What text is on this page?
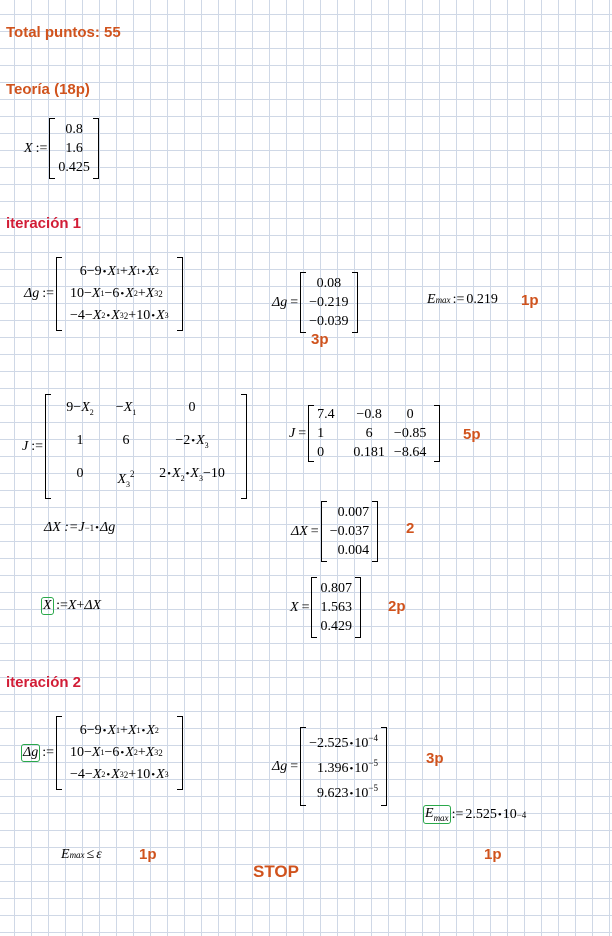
Total puntos: 55
Teoría (18p)
X :=
0.8
1.6
0.425
iteración 1
Δg :=
6−9 • X 1 + X 1 • X 2
10− X 1 −6 • X 2 + X 3 2
−4− X 2 • X 3 2 +10 • X 3
Δg =
0.08
−0.219
−0.039
3p
E max := 0.219 1p
J :=
$9-X_2$	$-X_1$	0
1	6	$-2•X_3$
0	$X_3^2$	$2•X_2•X_3-10$
J =
7.4	−0.8	0
1	6	−0.85
0	0.181 −8.64
5p
ΔX :=J −1 • Δg	ΔX =
0.007
−0.037
0.004
2
X := X + ΔX	X =
0.807
1.563
0.429
2p
iteración 2
Δg :=
6−9 • X 1 + X 1 • X 2
10− X 1 −6 • X 2 + X 3 2
−4− X 2 • X 3 2 +10 • X 3
Δg =
$-2.525•10^{-4}$
$1.396•10^{-5}$
$9.623•10^{-5}$
3p
$E_{max}$ := 2.525 • 10 −4
E max ≤ ε 1p
STOP
1p
